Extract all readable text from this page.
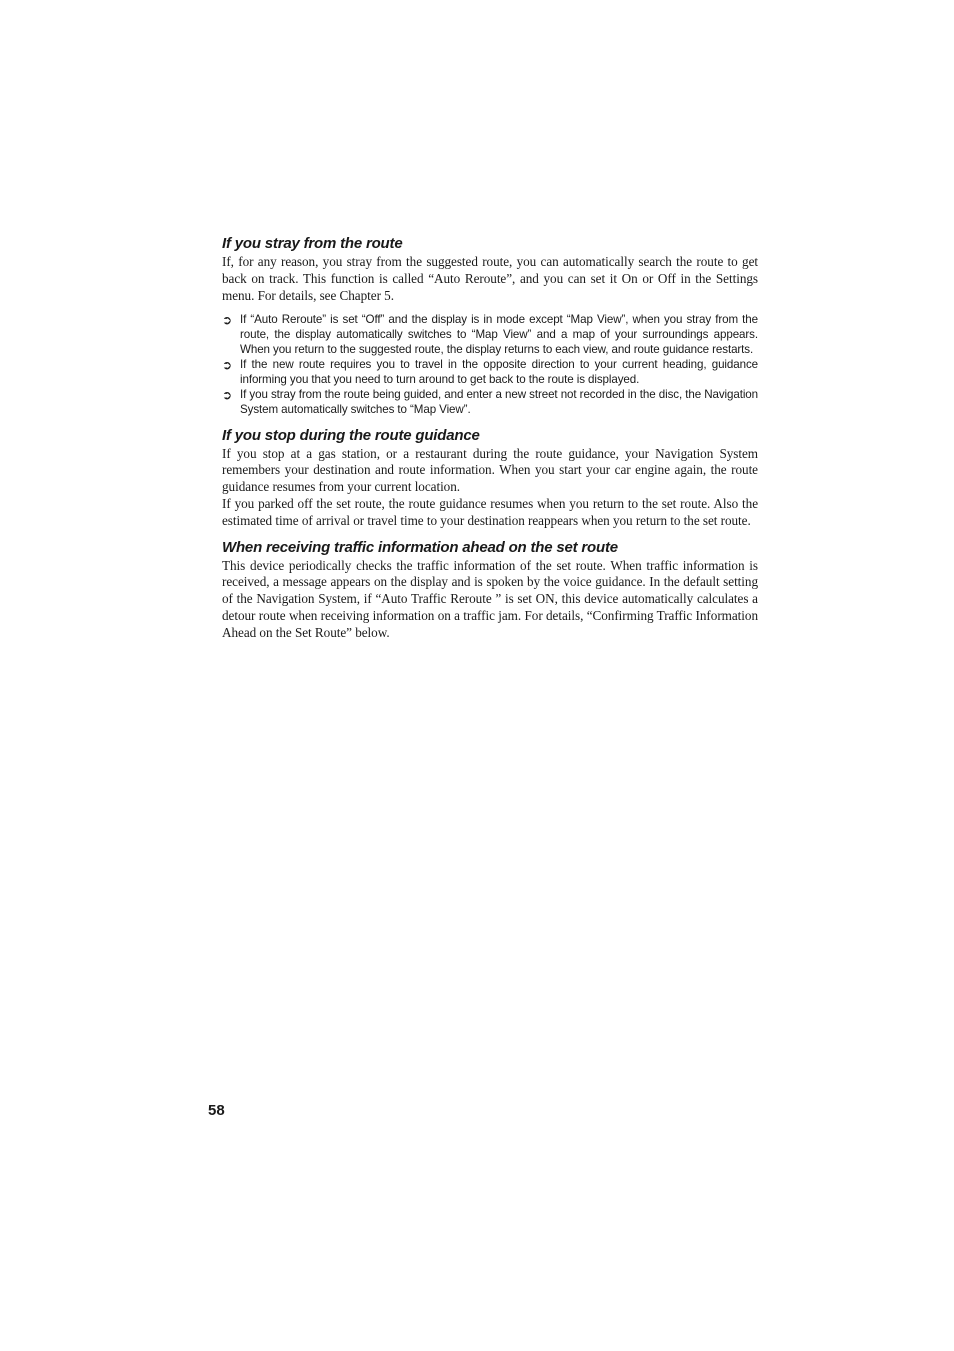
If you stray from the route

If, for any reason, you stray from the suggested route, you can automatically search the route to get back on track. This function is called “Auto Reroute”, and you can set it On or Off in the Settings menu. For details, see Chapter 5.

➲ If “Auto Reroute” is set “Off” and the display is in mode except “Map View”, when you stray from the route, the display automatically switches to “Map View” and a map of your surroundings appears. When you return to the suggested route, the display returns to each view, and route guidance restarts.
➲ If the new route requires you to travel in the opposite direction to your current heading, guidance informing you that you need to turn around to get back to the route is displayed.
➲ If you stray from the route being guided, and enter a new street not recorded in the disc, the Navigation System automatically switches to “Map View”.
If you stop during the route guidance

If you stop at a gas station, or a restaurant during the route guidance, your Navigation System remembers your destination and route information. When you start your car engine again, the route guidance resumes from your current location.

If you parked off the set route, the route guidance resumes when you return to the set route. Also the estimated time of arrival or travel time to your destination reappears when you return to the set route.

When receiving traffic information ahead on the set route

This device periodically checks the traffic information of the set route. When traffic information is received, a message appears on the display and is spoken by the voice guidance. In the default setting of the Navigation System, if “Auto Traffic Reroute ” is set ON, this device automatically calculates a detour route when receiving information on a traffic jam. For details, “Confirming Traffic Information Ahead on the Set Route” below.

58
